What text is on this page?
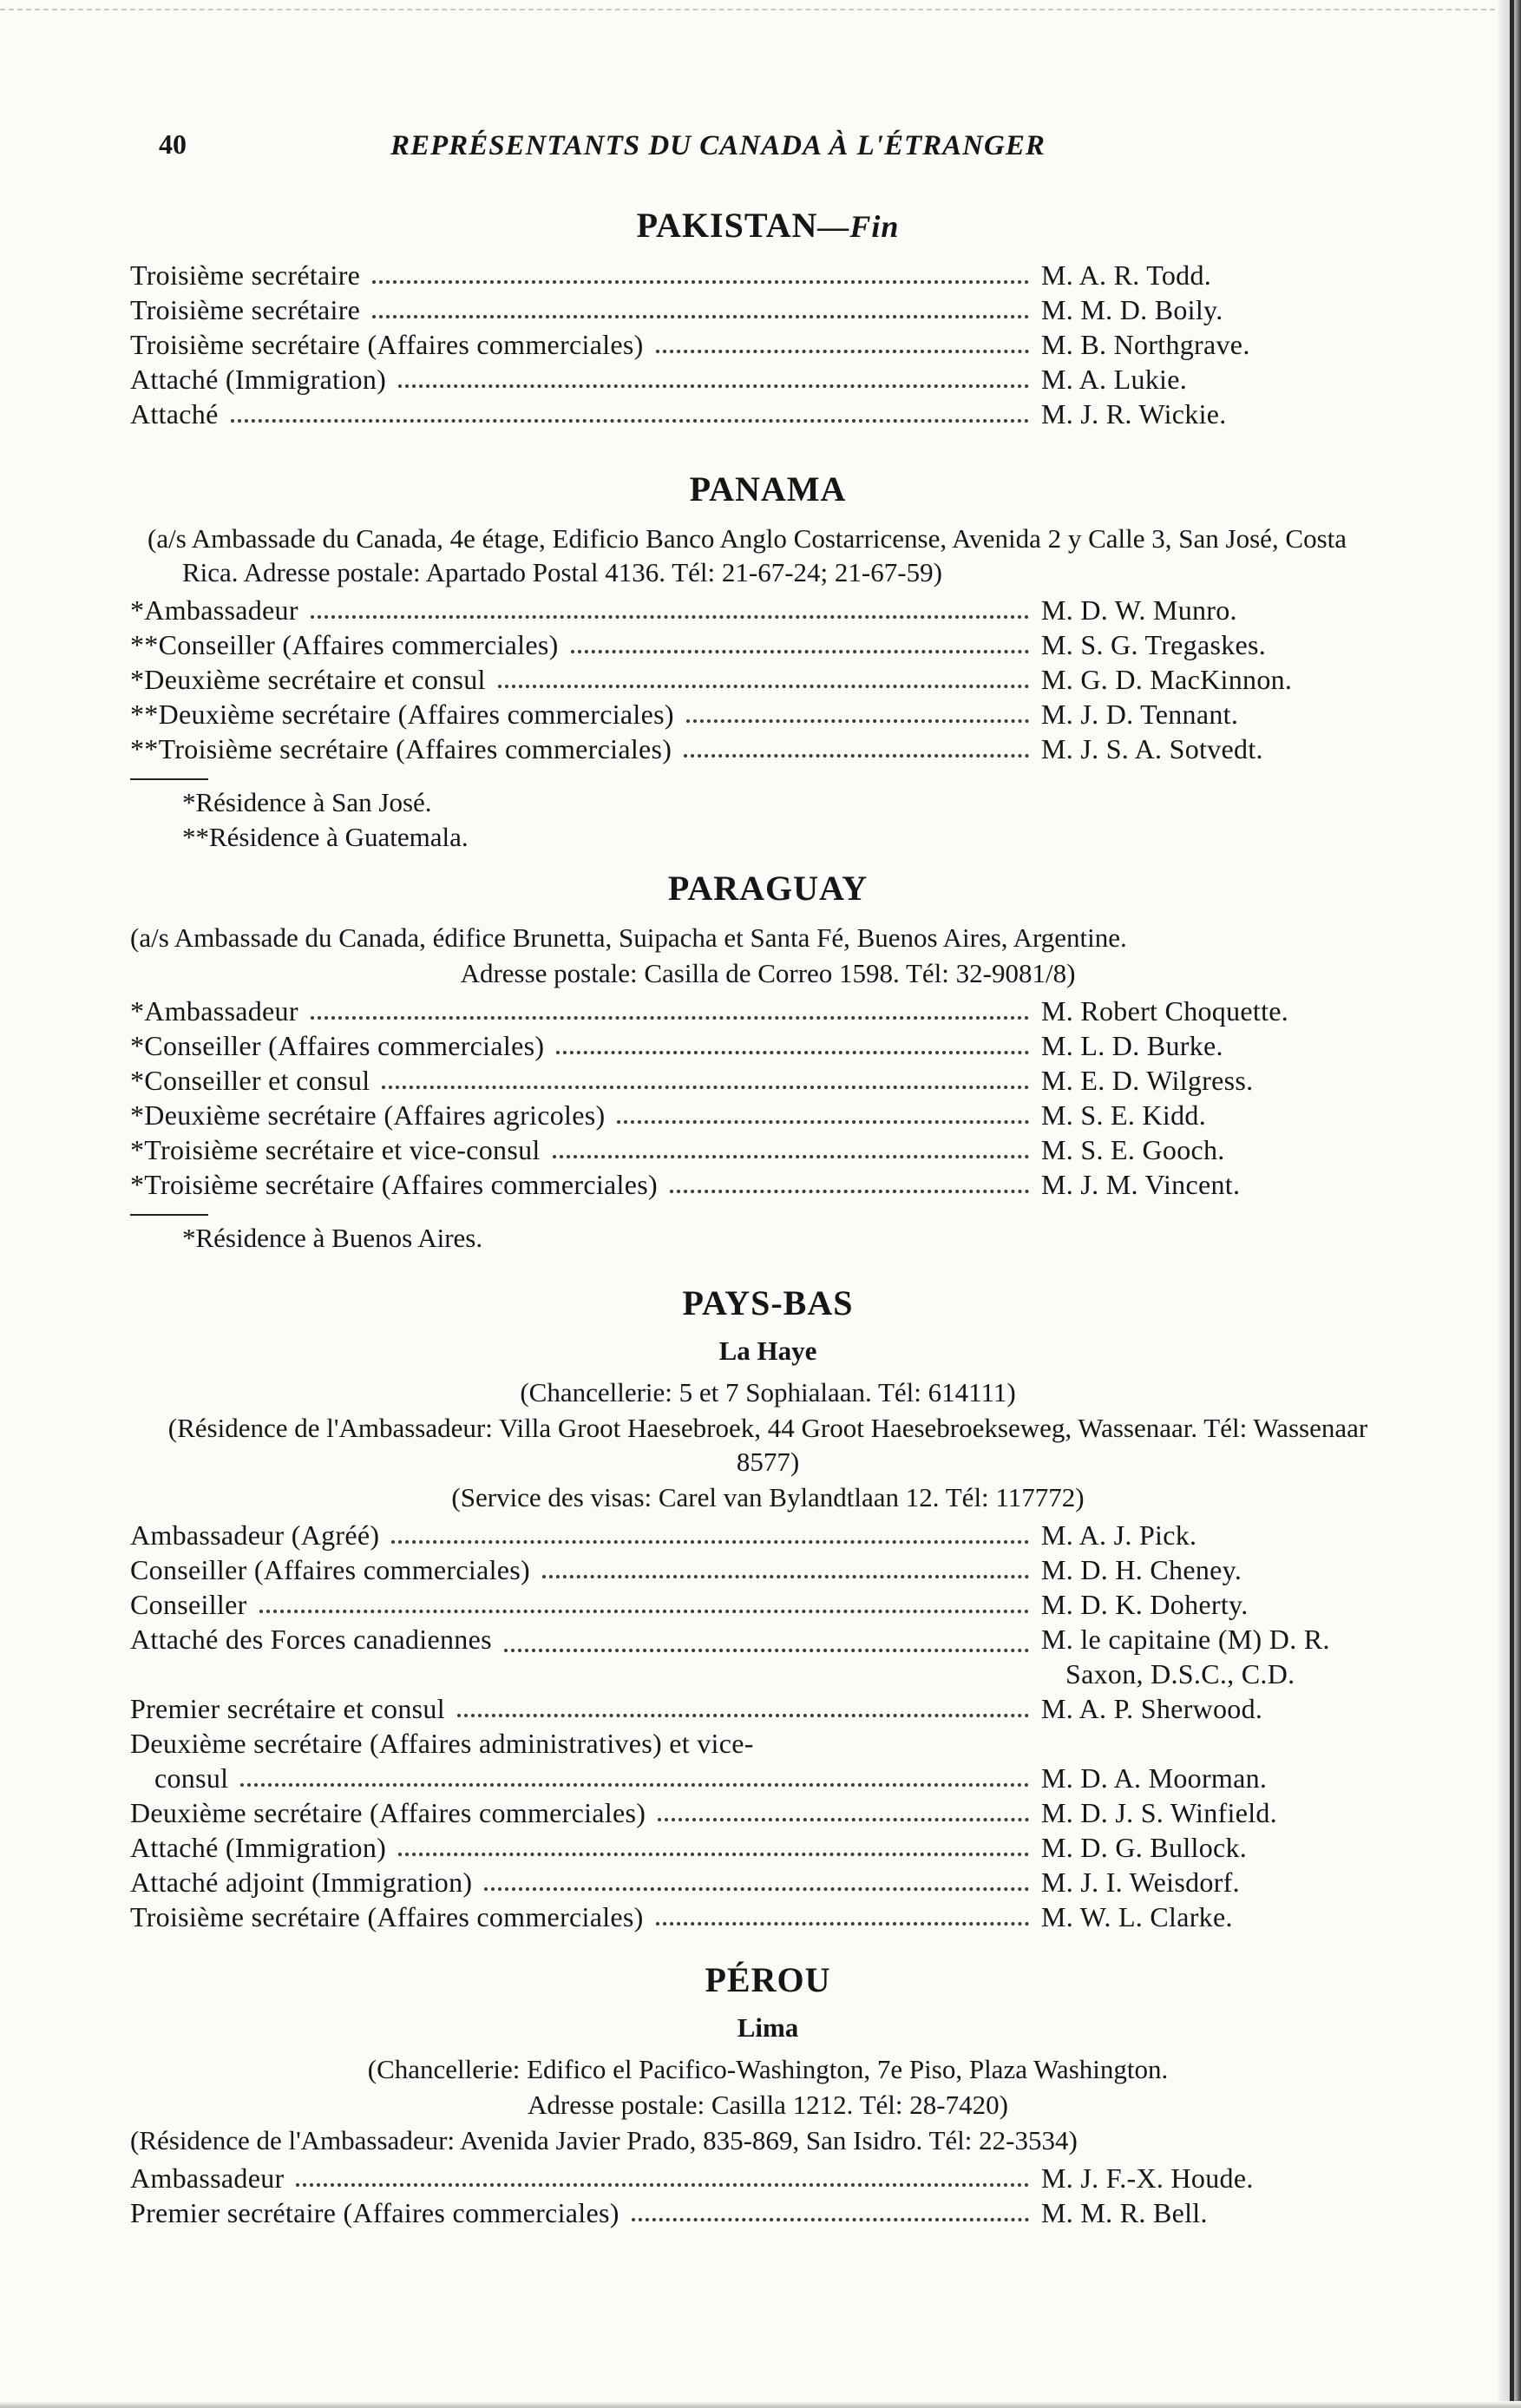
40	REPRÉSENTANTS DU CANADA À L'ÉTRANGER
PAKISTAN—Fin
Troisième secrétaire	M. A. R. Todd.
Troisième secrétaire	M. M. D. Boily.
Troisième secrétaire (Affaires commerciales)	M. B. Northgrave.
Attaché (Immigration)	M. A. Lukie.
Attaché	M. J. R. Wickie.
PANAMA
(a/s Ambassade du Canada, 4e étage, Edificio Banco Anglo Costarricense, Avenida 2 y Calle 3, San José, Costa Rica. Adresse postale: Apartado Postal 4136. Tél: 21-67-24; 21-67-59)
*Ambassadeur	M. D. W. Munro.
**Conseiller (Affaires commerciales)	M. S. G. Tregaskes.
*Deuxième secrétaire et consul	M. G. D. MacKinnon.
**Deuxième secrétaire (Affaires commerciales)	M. J. D. Tennant.
**Troisième secrétaire (Affaires commerciales)	M. J. S. A. Sotvedt.
*Résidence à San José.
**Résidence à Guatemala.
PARAGUAY
(a/s Ambassade du Canada, édifice Brunetta, Suipacha et Santa Fé, Buenos Aires, Argentine.
Adresse postale: Casilla de Correo 1598. Tél: 32-9081/8)
*Ambassadeur	M. Robert Choquette.
*Conseiller (Affaires commerciales)	M. L. D. Burke.
*Conseiller et consul	M. E. D. Wilgress.
*Deuxième secrétaire (Affaires agricoles)	M. S. E. Kidd.
*Troisième secrétaire et vice-consul	M. S. E. Gooch.
*Troisième secrétaire (Affaires commerciales)	M. J. M. Vincent.
*Résidence à Buenos Aires.
PAYS-BAS
La Haye
(Chancellerie: 5 et 7 Sophialaan. Tél: 614111)
(Résidence de l'Ambassadeur: Villa Groot Haesebroek, 44 Groot Haesebroekseweg, Wassenaar. Tél: Wassenaar 8577)
(Service des visas: Carel van Bylandtlaan 12. Tél: 117772)
Ambassadeur (Agréé)	M. A. J. Pick.
Conseiller (Affaires commerciales)	M. D. H. Cheney.
Conseiller	M. D. K. Doherty.
Attaché des Forces canadiennes	M. le capitaine (M) D. R.
Saxon, D.S.C., C.D.
Premier secrétaire et consul	M. A. P. Sherwood.
Deuxième secrétaire (Affaires administratives) et vice-
consul	M. D. A. Moorman.
Deuxième secrétaire (Affaires commerciales)	M. D. J. S. Winfield.
Attaché (Immigration)	M. D. G. Bullock.
Attaché adjoint (Immigration)	M. J. I. Weisdorf.
Troisième secrétaire (Affaires commerciales)	M. W. L. Clarke.
PÉROU
Lima
(Chancellerie: Edifico el Pacifico-Washington, 7e Piso, Plaza Washington.
Adresse postale: Casilla 1212. Tél: 28-7420)
(Résidence de l'Ambassadeur: Avenida Javier Prado, 835-869, San Isidro. Tél: 22-3534)
Ambassadeur	M. J. F.-X. Houde.
Premier secrétaire (Affaires commerciales)	M. M. R. Bell.
